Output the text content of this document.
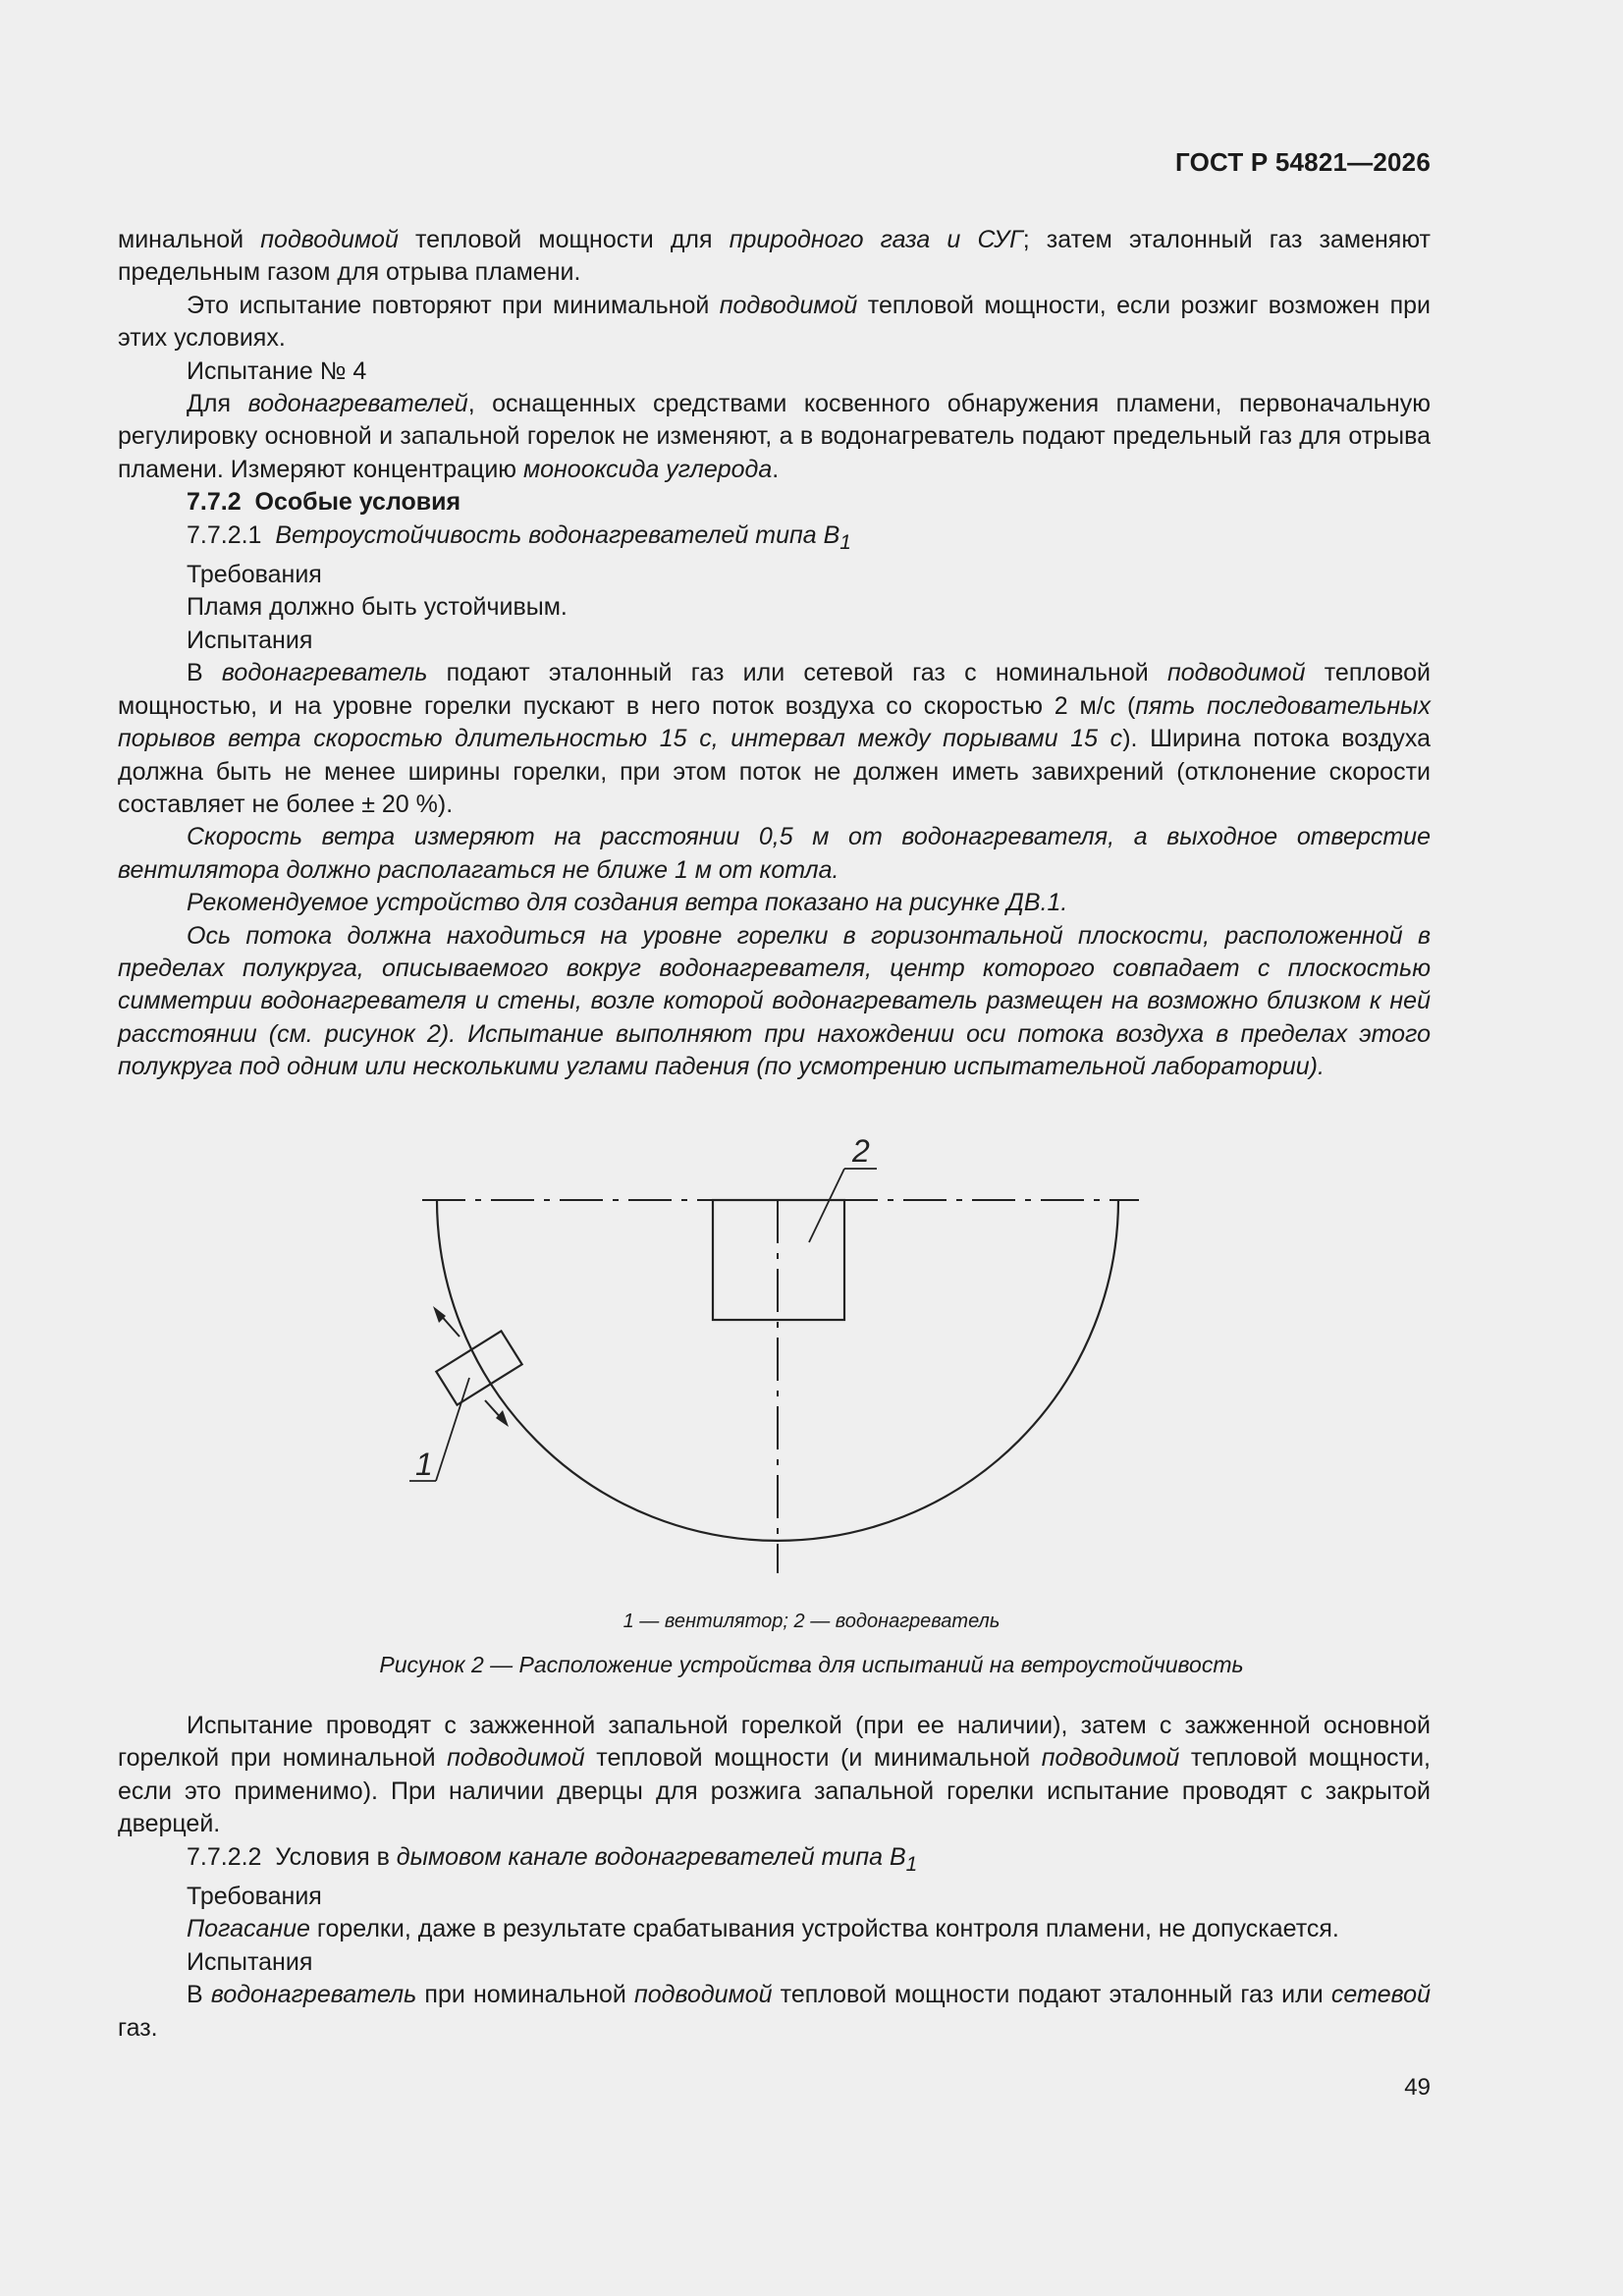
ГОСТ Р 54821—2026

минальной подводимой тепловой мощности для природного газа и СУГ; затем эталонный газ заменяют предельным газом для отрыва пламени.

Это испытание повторяют при минимальной подводимой тепловой мощности, если розжиг возможен при этих условиях.

Испытание № 4

Для водонагревателей, оснащенных средствами косвенного обнаружения пламени, первоначальную регулировку основной и запальной горелок не изменяют, а в водонагреватель подают предельный газ для отрыва пламени. Измеряют концентрацию монооксида углерода.

7.7.2 Особые условия

7.7.2.1 Ветроустойчивость водонагревателей типа $B_1$

Требования

Пламя должно быть устойчивым.

Испытания

В водонагреватель подают эталонный газ или сетевой газ с номинальной подводимой тепловой мощностью, и на уровне горелки пускают в него поток воздуха со скоростью 2 м/с (пять последовательных порывов ветра скоростью длительностью 15 с, интервал между порывами 15 с). Ширина потока воздуха должна быть не менее ширины горелки, при этом поток не должен иметь завихрений (отклонение скорости составляет не более ± 20 %).

Скорость ветра измеряют на расстоянии 0,5 м от водонагревателя, а выходное отверстие вентилятора должно располагаться не ближе 1 м от котла.

Рекомендуемое устройство для создания ветра показано на рисунке ДВ.1.

Ось потока должна находиться на уровне горелки в горизонтальной плоскости, расположенной в пределах полукруга, описываемого вокруг водонагревателя, центр которого совпадает с плоскостью симметрии водонагревателя и стены, возле которой водонагреватель размещен на возможно близком к ней расстоянии (см. рисунок 2). Испытание выполняют при нахождении оси потока воздуха в пределах этого полукруга под одним или несколькими углами падения (по усмотрению испытательной лаборатории).

1
2
1 — вентилятор; 2 — водонагреватель
Рисунок 2 — Расположение устройства для испытаний на ветроустойчивость

Испытание проводят с зажженной запальной горелкой (при ее наличии), затем с зажженной основной горелкой при номинальной подводимой тепловой мощности (и минимальной подводимой тепловой мощности, если это применимо). При наличии дверцы для розжига запальной горелки испытание проводят с закрытой дверцей.

7.7.2.2 Условия в дымовом канале водонагревателей типа $B_1$

Требования

Погасание горелки, даже в результате срабатывания устройства контроля пламени, не допускается.

Испытания

В водонагреватель при номинальной подводимой тепловой мощности подают эталонный газ или сетевой газ.

49
